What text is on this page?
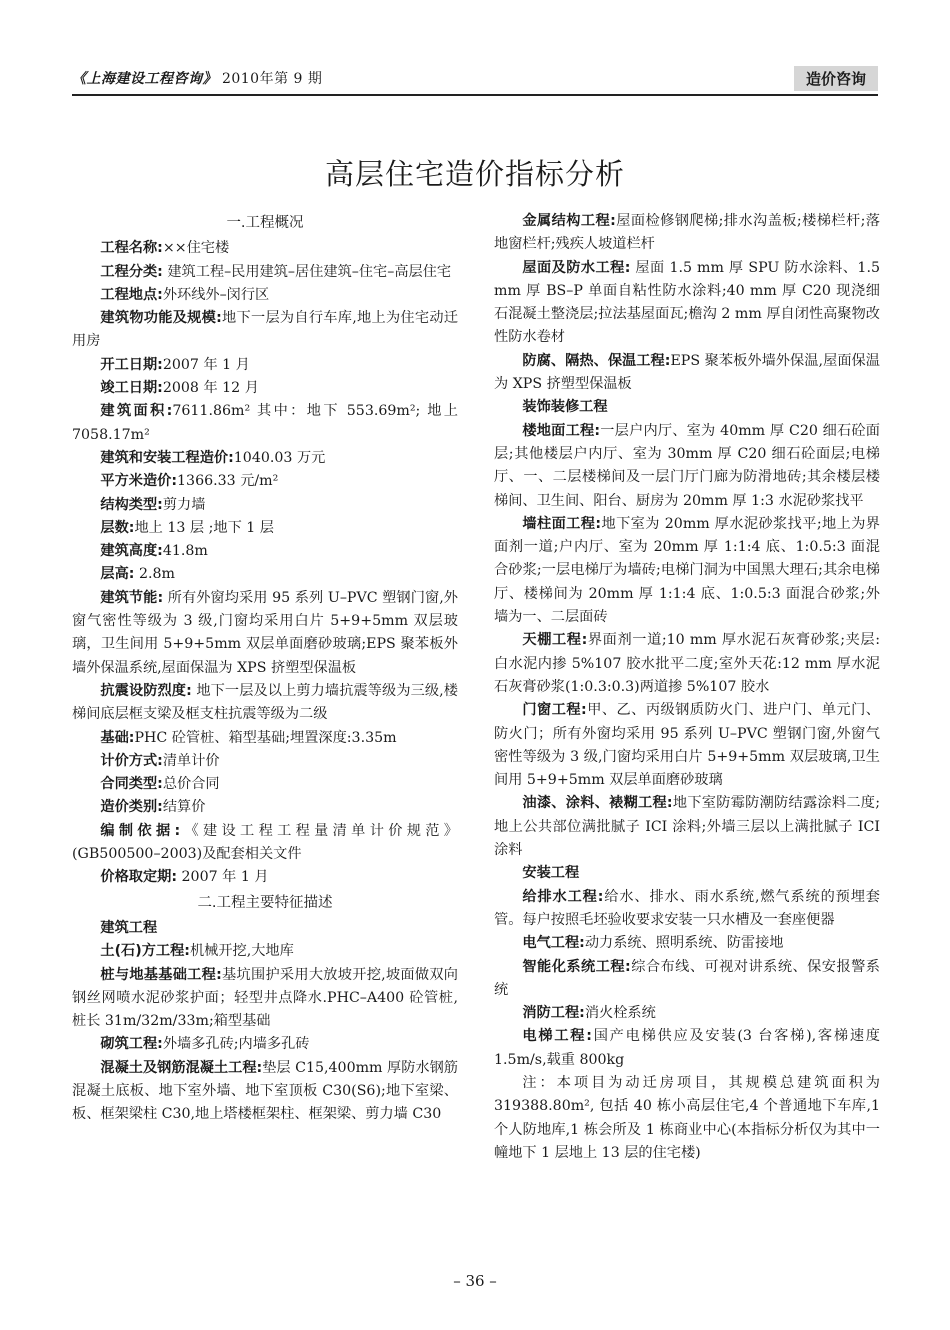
《上海建设工程咨询》 2010年第 9 期	造价咨询
高层住宅造价指标分析

一.工程概况

工程名称:××住宅楼

工程分类: 建筑工程–民用建筑–居住建筑–住宅–高层住宅

工程地点:外环线外–闵行区

建筑物功能及规模:地下一层为自行车库,地上为住宅动迁用房

开工日期:2007 年 1 月

竣工日期:2008 年 12 月

建筑面积:7611.86m² 其中：地下 553.69m²; 地上 7058.17m²

建筑和安装工程造价:1040.03 万元

平方米造价:1366.33 元/m²

结构类型:剪力墙

层数:地上 13 层 ;地下 1 层

建筑高度:41.8m

层高: 2.8m

建筑节能: 所有外窗均采用 95 系列 U–PVC 塑钢门窗,外窗气密性等级为 3 级,门窗均采用白片 5+9+5mm 双层玻璃，卫生间用 5+9+5mm 双层单面磨砂玻璃;EPS 聚苯板外墙外保温系统,屋面保温为 XPS 挤塑型保温板

抗震设防烈度: 地下一层及以上剪力墙抗震等级为三级,楼梯间底层框支梁及框支柱抗震等级为二级

基础:PHC 砼管桩、箱型基础;埋置深度:3.35m

计价方式:清单计价

合同类型:总价合同

造价类别:结算价

编制依据:《建设工程工程量清单计价规范》(GB500500–2003)及配套相关文件

价格取定期: 2007 年 1 月

二.工程主要特征描述

建筑工程

土(石)方工程:机械开挖,大地库

桩与地基基础工程:基坑围护采用大放坡开挖,坡面做双向钢丝网喷水泥砂浆护面；轻型井点降水.PHC–A400 砼管桩,桩长 31m/32m/33m;箱型基础

砌筑工程:外墙多孔砖;内墙多孔砖

混凝土及钢筋混凝土工程:垫层 C15,400mm 厚防水钢筋混凝土底板、地下室外墙、地下室顶板 C30(S6);地下室梁、板、框架梁柱 C30,地上塔楼框架柱、框架梁、剪力墙 C30

金属结构工程:屋面检修钢爬梯;排水沟盖板;楼梯栏杆;落地窗栏杆;残疾人坡道栏杆

屋面及防水工程: 屋面 1.5 mm 厚 SPU 防水涂料、1.5 mm 厚 BS–P 单面自粘性防水涂料;40 mm 厚 C20 现浇细石混凝土整浇层;拉法基屋面瓦;檐沟 2 mm 厚自闭性高聚物改性防水卷材

防腐、隔热、保温工程:EPS 聚苯板外墙外保温,屋面保温为 XPS 挤塑型保温板

装饰装修工程

楼地面工程:一层户内厅、室为 40mm 厚 C20 细石砼面层;其他楼层户内厅、室为 30mm 厚 C20 细石砼面层;电梯厅、一、二层楼梯间及一层门厅门廊为防滑地砖;其余楼层楼梯间、卫生间、阳台、厨房为 20mm 厚 1:3 水泥砂浆找平

墙柱面工程:地下室为 20mm 厚水泥砂浆找平;地上为界面剂一道;户内厅、室为 20mm 厚 1:1:4 底、1:0.5:3 面混合砂浆;一层电梯厅为墙砖;电梯门洞为中国黑大理石;其余电梯厅、楼梯间为 20mm 厚 1:1:4 底、1:0.5:3 面混合砂浆;外墙为一、二层面砖

天棚工程:界面剂一道;10 mm 厚水泥石灰膏砂浆;夹层:白水泥内掺 5%107 胶水批平二度;室外天花:12 mm 厚水泥石灰膏砂浆(1:0.3:0.3)两道掺 5%107 胶水

门窗工程:甲、乙、丙级钢质防火门、进户门、单元门、防火门；所有外窗均采用 95 系列 U–PVC 塑钢门窗,外窗气密性等级为 3 级,门窗均采用白片 5+9+5mm 双层玻璃,卫生间用 5+9+5mm 双层单面磨砂玻璃

油漆、涂料、裱糊工程:地下室防霉防潮防结露涂料二度;地上公共部位满批腻子 ICI 涂料;外墙三层以上满批腻子 ICI 涂料

安装工程

给排水工程:给水、排水、雨水系统,燃气系统的预埋套管。每户按照毛坯验收要求安装一只水槽及一套座便器

电气工程:动力系统、照明系统、防雷接地

智能化系统工程:综合布线、可视对讲系统、保安报警系统

消防工程:消火栓系统

电梯工程:国产电梯供应及安装(3 台客梯),客梯速度 1.5m/s,载重 800kg

注：本项目为动迁房项目，其规模总建筑面积为 319388.80m², 包括 40 栋小高层住宅,4 个普通地下车库,1 个人防地库,1 栋会所及 1 栋商业中心(本指标分析仅为其中一幢地下 1 层地上 13 层的住宅楼)

– 36 –
